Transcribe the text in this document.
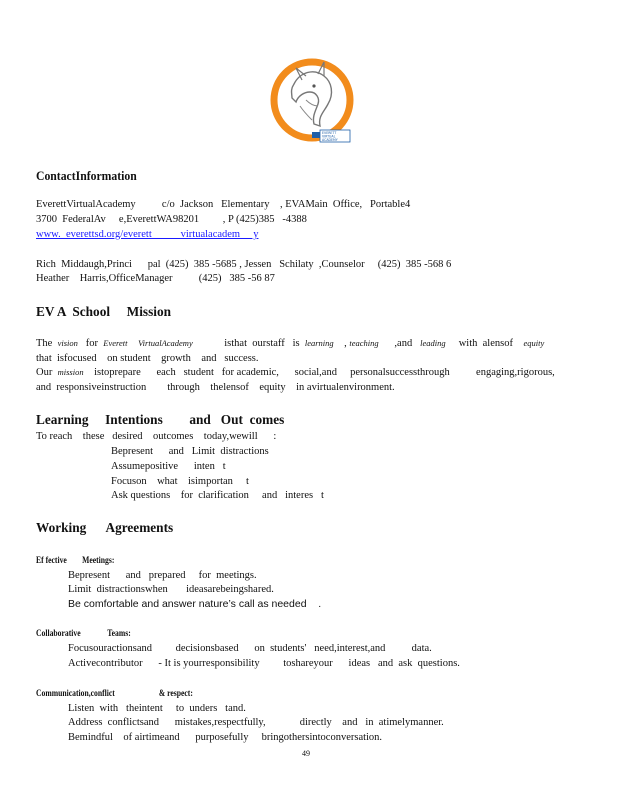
EVERETT
VIRTUAL
ACADEMY
ContactInformation
EverettVirtualAcademy          c/o  Jackson   Elementary    , EVAMain  Office,   Portable4
3700  FederalAv     e,EverettWA98201         , P (425)385   -4388
www.  everettsd.org/everett           virtualacadem     y
Rich  Middaugh,Princi      pal  (425)  385 -5685 , Jessen   Schilaty  ,Counselor     (425)  385 -568 6
Heather    Harris,OfficeManager          (425)   385 -56 87
EV A  School     Mission
The  vision   for  Everett     VirtualAcademy            isthat  ourstaff   is  learning    , teaching      ,and   leading     with  alensof    equity
that  isfocused    on student    growth    and   success.
Our  mission    istoprepare      each   student   for academic,      social,and     personalsuccessthrough          engaging,rigorous,
and  responsiveinstruction        through    thelensof    equity    in avirtualenvironment.
Learning     Intentions        and   Out  comes
To reach    these   desired    outcomes    today,wewill      :
Bepresent      and   Limit  distractions
Assumepositive      inten   t
Focuson    what    isimportan     t
Ask questions    for  clarification     and   interes   t
Working      Agreements
Ef fective        Meetings:
Bepresent      and   prepared     for  meetings.
Limit  distractionswhen       ideasarebeingshared.
Be comfortable and answer nature’s call as needed    .
Collaborative              Teams:
Focusouractionsand         decisionsbased      on  students'   need,interest,and          data.
Activecontributor      - It is yourresponsibility         toshareyour      ideas   and  ask  questions.
Communication,conflict                       & respect:
Listen  with   theintent     to  unders   tand.
Address  conflictsand      mistakes,respectfully,             directly    and   in  atimelymanner.
Bemindful    of airtimeand      purposefully     bringothersintoconversation.
49
